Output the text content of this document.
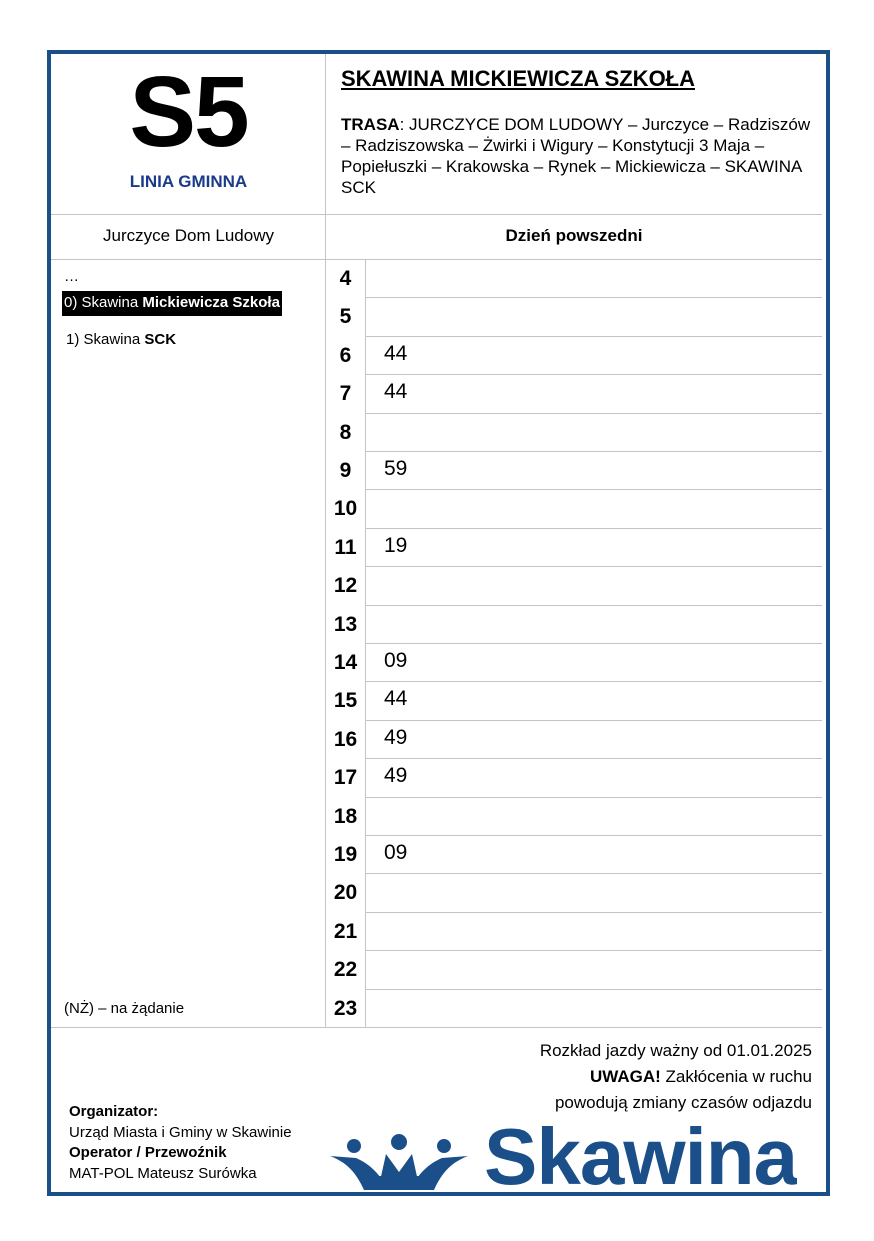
S5
LINIA GMINNA
SKAWINA MICKIEWICZA SZKOŁA
TRASA: JURCZYCE DOM LUDOWY – Jurczyce – Radziszów – Radziszowska – Żwirki i Wigury – Konstytucji 3 Maja – Popiełuszki – Krakowska – Rynek – Mickiewicza – SKAWINA SCK
Jurczyce Dom Ludowy	Dzień powszedni
…
0) Skawina Mickiewicza Szkoła
1) Skawina SCK
(NŻ) – na żądanie
4
5
6	44
7	44
8
9	59
10
11	19
12
13
14	09
15	44
16	49
17	49
18
19	09
20
21
22
23
Rozkład jazdy ważny od 01.01.2025
UWAGA! Zakłócenia w ruchu
powodują zmiany czasów odjazdu
Organizator:
Urząd Miasta i Gminy w Skawinie
Operator / Przewoźnik
MAT-POL Mateusz Surówka	Skawina
